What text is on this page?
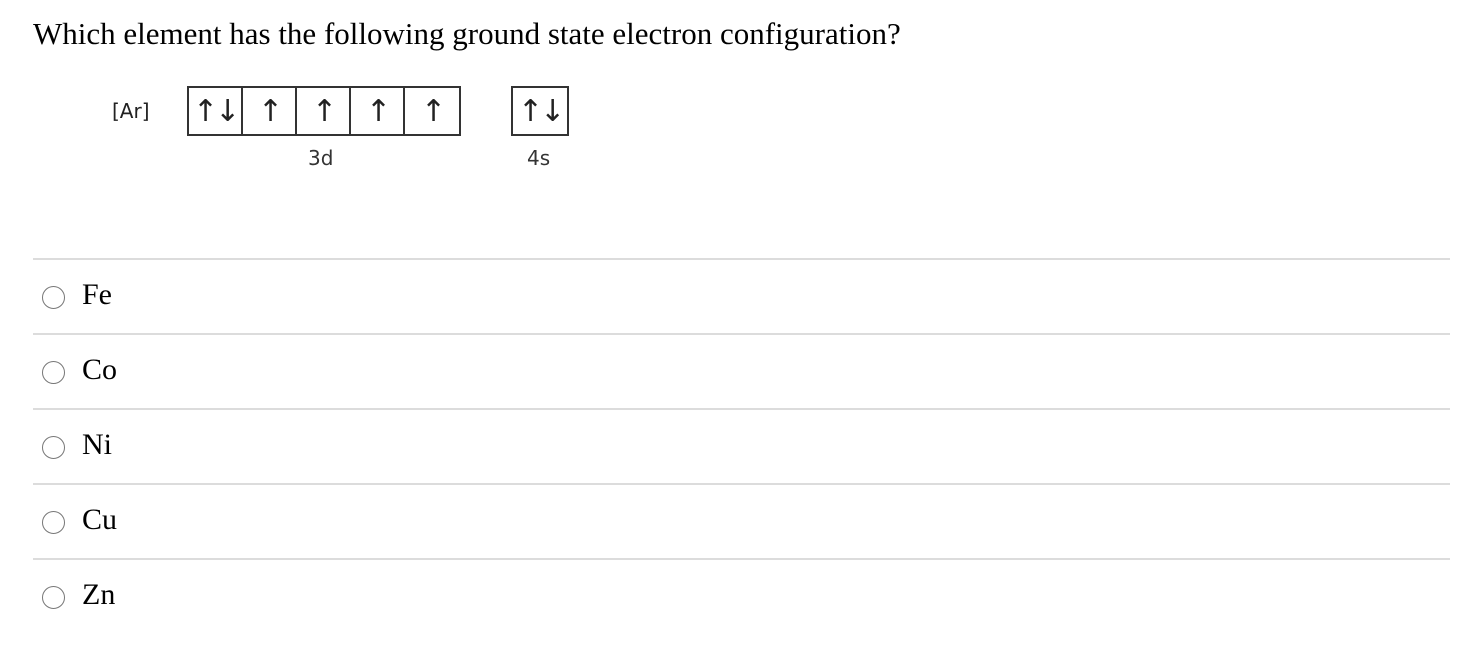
Which element has the following ground state electron configuration?
[Ar] ↑↓ ↑	↑	↑	↑
3d
↑↓
4s
Fe
Co
Ni
Cu
Zn
